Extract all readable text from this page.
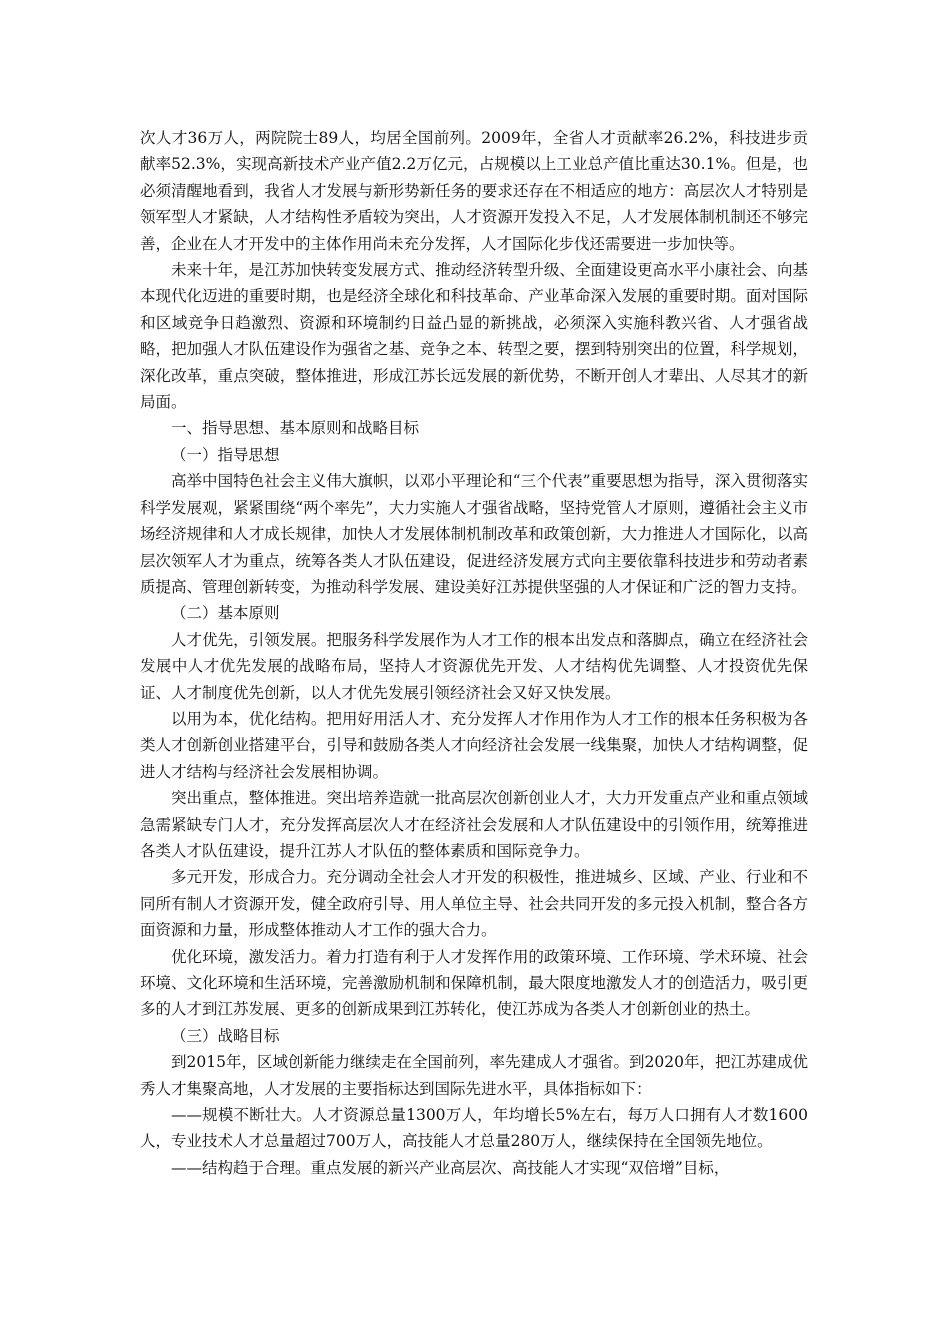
次人才36万人，两院院士89人，均居全国前列。2009年，全省人才贡献率26.2%，科技进步贡献率52.3%，实现高新技术产业产值2.2万亿元，占规模以上工业总产值比重达30.1%。但是，也必须清醒地看到，我省人才发展与新形势新任务的要求还存在不相适应的地方：高层次人才特别是领军型人才紧缺，人才结构性矛盾较为突出，人才资源开发投入不足，人才发展体制机制还不够完善，企业在人才开发中的主体作用尚未充分发挥，人才国际化步伐还需要进一步加快等。

未来十年，是江苏加快转变发展方式、推动经济转型升级、全面建设更高水平小康社会、向基本现代化迈进的重要时期，也是经济全球化和科技革命、产业革命深入发展的重要时期。面对国际和区域竞争日趋激烈、资源和环境制约日益凸显的新挑战，必须深入实施科教兴省、人才强省战略，把加强人才队伍建设作为强省之基、竞争之本、转型之要，摆到特别突出的位置，科学规划，深化改革，重点突破，整体推进，形成江苏长远发展的新优势，不断开创人才辈出、人尽其才的新局面。

一、指导思想、基本原则和战略目标

（一）指导思想

高举中国特色社会主义伟大旗帜，以邓小平理论和“三个代表”重要思想为指导，深入贯彻落实科学发展观，紧紧围绕“两个率先”，大力实施人才强省战略，坚持党管人才原则，遵循社会主义市场经济规律和人才成长规律，加快人才发展体制机制改革和政策创新，大力推进人才国际化，以高层次领军人才为重点，统筹各类人才队伍建设，促进经济发展方式向主要依靠科技进步和劳动者素质提高、管理创新转变，为推动科学发展、建设美好江苏提供坚强的人才保证和广泛的智力支持。

（二）基本原则

人才优先，引领发展。把服务科学发展作为人才工作的根本出发点和落脚点，确立在经济社会发展中人才优先发展的战略布局，坚持人才资源优先开发、人才结构优先调整、人才投资优先保证、人才制度优先创新，以人才优先发展引领经济社会又好又快发展。

以用为本，优化结构。把用好用活人才、充分发挥人才作用作为人才工作的根本任务积极为各类人才创新创业搭建平台，引导和鼓励各类人才向经济社会发展一线集聚，加快人才结构调整，促进人才结构与经济社会发展相协调。

突出重点，整体推进。突出培养造就一批高层次创新创业人才，大力开发重点产业和重点领域急需紧缺专门人才，充分发挥高层次人才在经济社会发展和人才队伍建设中的引领作用，统筹推进各类人才队伍建设，提升江苏人才队伍的整体素质和国际竞争力。

多元开发，形成合力。充分调动全社会人才开发的积极性，推进城乡、区域、产业、行业和不同所有制人才资源开发，健全政府引导、用人单位主导、社会共同开发的多元投入机制，整合各方面资源和力量，形成整体推动人才工作的强大合力。

优化环境，激发活力。着力打造有利于人才发挥作用的政策环境、工作环境、学术环境、社会环境、文化环境和生活环境，完善激励机制和保障机制，最大限度地激发人才的创造活力，吸引更多的人才到江苏发展、更多的创新成果到江苏转化，使江苏成为各类人才创新创业的热土。

（三）战略目标

到2015年，区域创新能力继续走在全国前列，率先建成人才强省。到2020年，把江苏建成优秀人才集聚高地，人才发展的主要指标达到国际先进水平，具体指标如下：

——规模不断壮大。人才资源总量1300万人，年均增长5%左右，每万人口拥有人才数1600人，专业技术人才总量超过700万人，高技能人才总量280万人，继续保持在全国领先地位。

——结构趋于合理。重点发展的新兴产业高层次、高技能人才实现“双倍增”目标，
